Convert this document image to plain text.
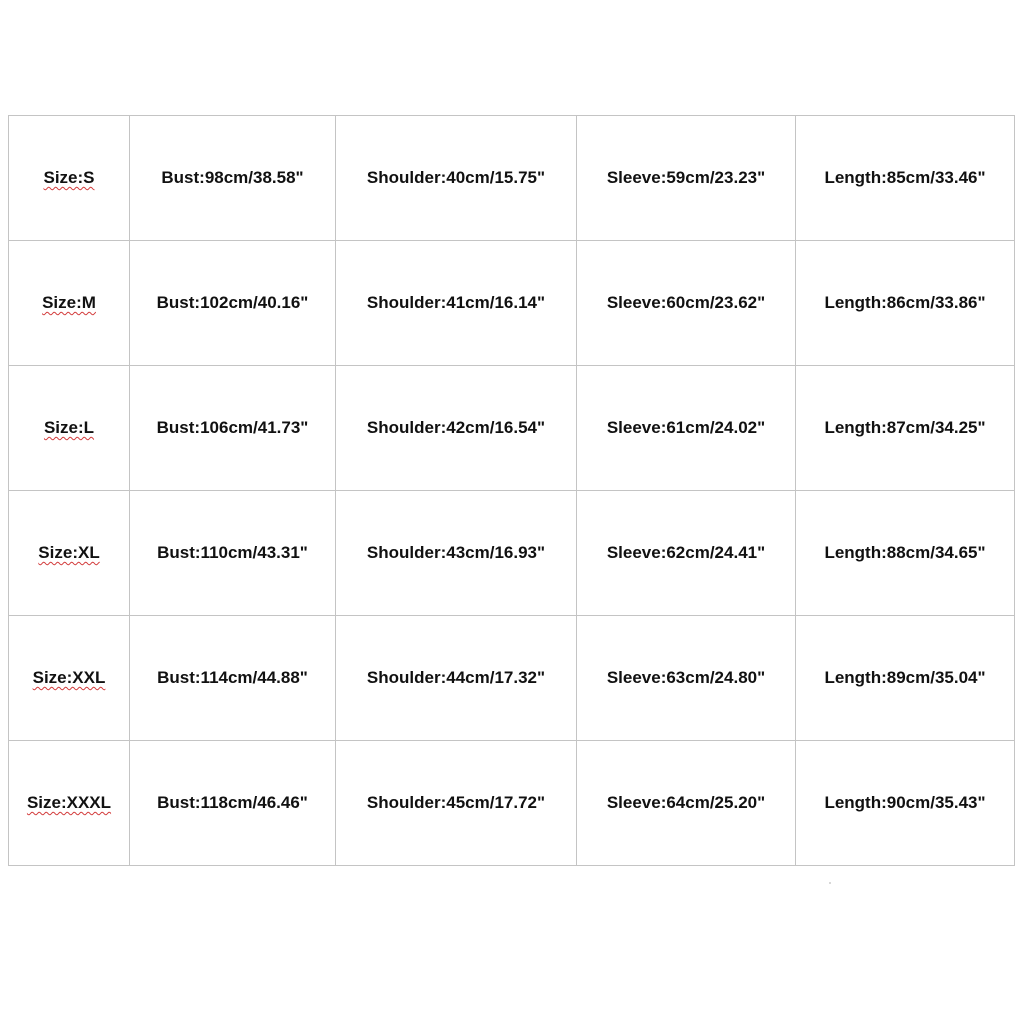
Size:S	Bust:98cm/38.58"	Shoulder:40cm/15.75"	Sleeve:59cm/23.23"	Length:85cm/33.46"
Size:M	Bust:102cm/40.16"	Shoulder:41cm/16.14"	Sleeve:60cm/23.62"	Length:86cm/33.86"
Size:L	Bust:106cm/41.73"	Shoulder:42cm/16.54"	Sleeve:61cm/24.02"	Length:87cm/34.25"
Size:XL	Bust:110cm/43.31"	Shoulder:43cm/16.93"	Sleeve:62cm/24.41"	Length:88cm/34.65"
Size:XXL	Bust:114cm/44.88"	Shoulder:44cm/17.32"	Sleeve:63cm/24.80"	Length:89cm/35.04"
Size:XXXL	Bust:118cm/46.46"	Shoulder:45cm/17.72"	Sleeve:64cm/25.20"	Length:90cm/35.43"
